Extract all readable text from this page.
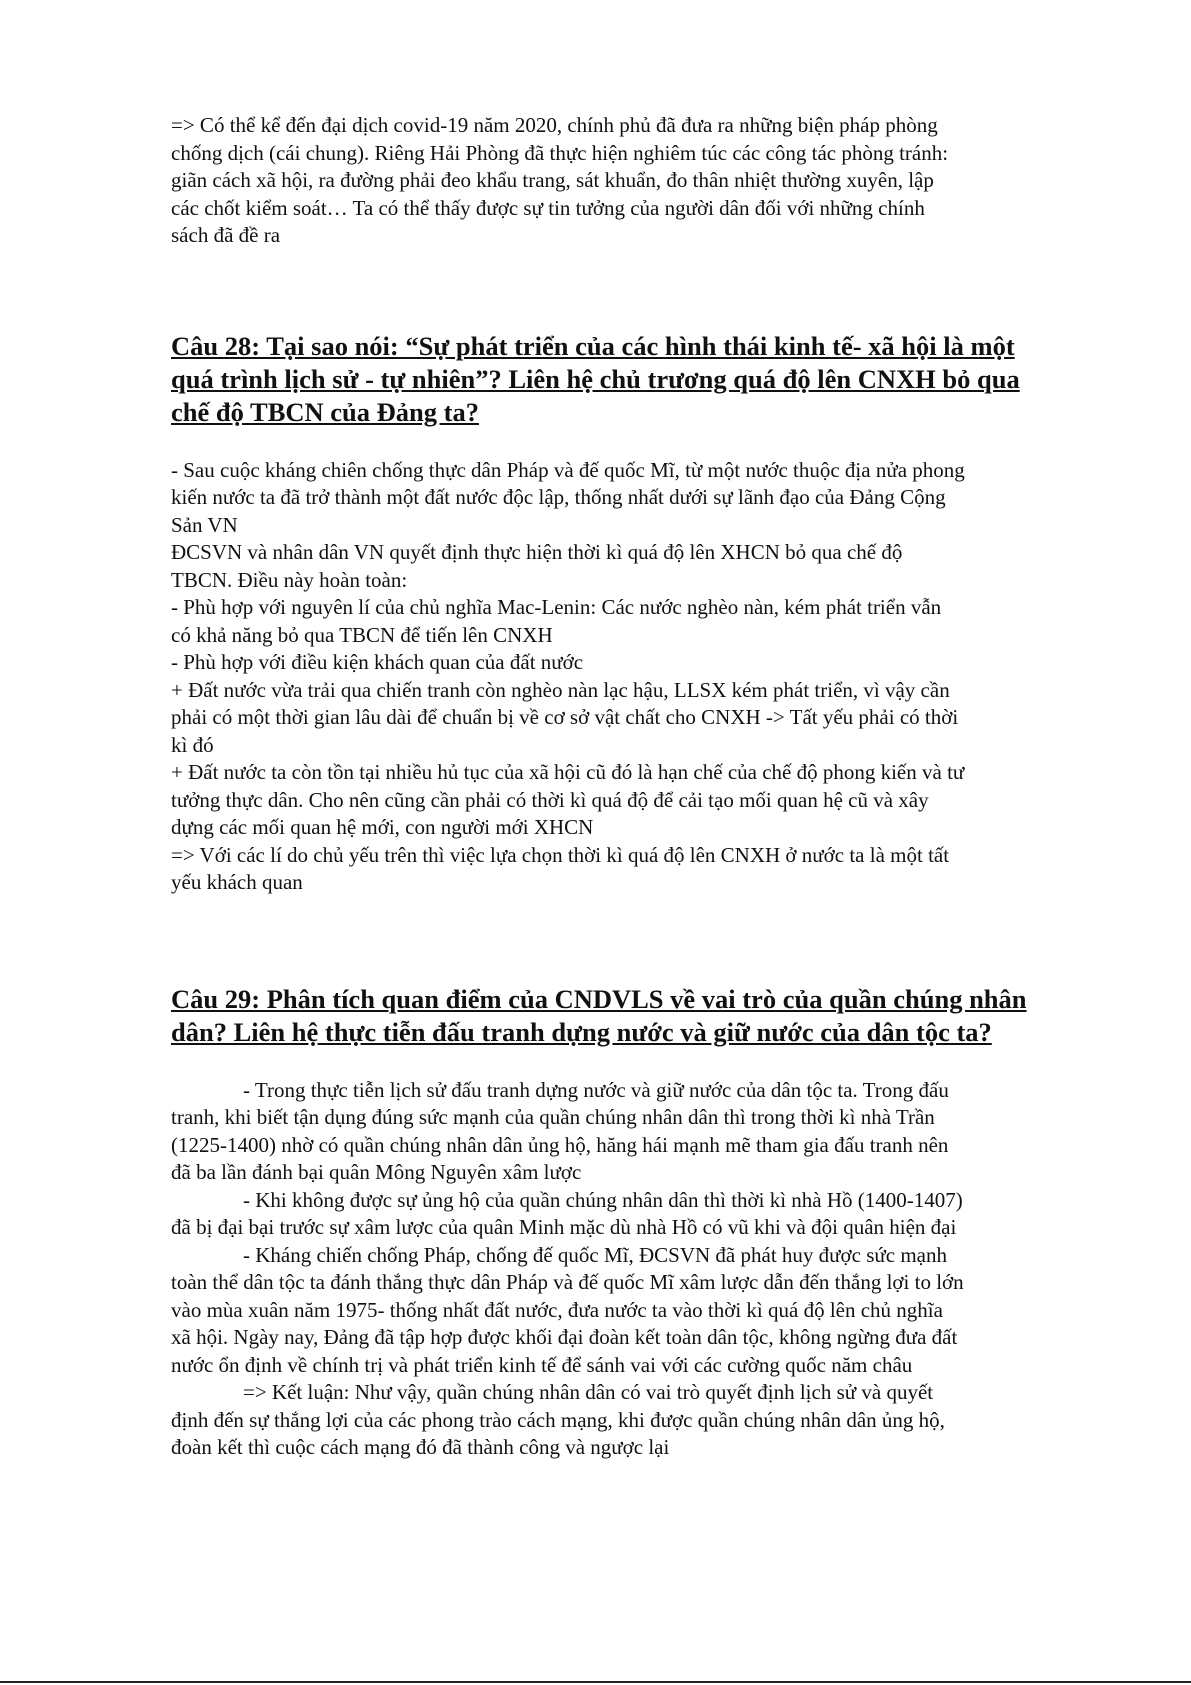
=> Có thể kể đến đại dịch covid-19 năm 2020, chính phủ đã đưa ra những biện pháp phòng
chống dịch (cái chung). Riêng Hải Phòng đã thực hiện nghiêm túc các công tác phòng tránh:
giãn cách xã hội, ra đường phải đeo khẩu trang, sát khuẩn, đo thân nhiệt thường xuyên, lập
các chốt kiểm soát… Ta có thể thấy được sự tin tưởng của người dân đối với những chính
sách đã đề ra

Câu 28: Tại sao nói: “Sự phát triển của các hình thái kinh tế- xã hội là một
quá trình lịch sử - tự nhiên”? Liên hệ chủ trương quá độ lên CNXH bỏ qua
chế độ TBCN của Đảng ta?

- Sau cuộc kháng chiên chống thực dân Pháp và đế quốc Mĩ, từ một nước thuộc địa nửa phong
kiến nước ta đã trở thành một đất nước độc lập, thống nhất dưới sự lãnh đạo của Đảng Cộng
Sản VN
ĐCSVN và nhân dân VN quyết định thực hiện thời kì quá độ lên XHCN bỏ qua chế độ
TBCN. Điều này hoàn toàn:
- Phù hợp với nguyên lí của chủ nghĩa Mac-Lenin: Các nước nghèo nàn, kém phát triển vẫn
có khả năng bỏ qua TBCN để tiến lên CNXH
- Phù hợp với điều kiện khách quan của đất nước
+ Đất nước vừa trải qua chiến tranh còn nghèo nàn lạc hậu, LLSX kém phát triển, vì vậy cần
phải có một thời gian lâu dài để chuẩn bị về cơ sở vật chất cho CNXH -> Tất yếu phải có thời
kì đó
+ Đất nước ta còn tồn tại nhiều hủ tục của xã hội cũ đó là hạn chế của chế độ phong kiến và tư
tưởng thực dân. Cho nên cũng cần phải có thời kì quá độ để cải tạo mối quan hệ cũ và xây
dựng các mối quan hệ mới, con người mới XHCN
=> Với các lí do chủ yếu trên thì việc lựa chọn thời kì quá độ lên CNXH ở nước ta là một tất
yếu khách quan

Câu 29: Phân tích quan điểm của CNDVLS về vai trò của quần chúng nhân
dân? Liên hệ thực tiễn đấu tranh dựng nước và giữ nước của dân tộc ta?

- Trong thực tiễn lịch sử đấu tranh dựng nước và giữ nước của dân tộc ta. Trong đấu
tranh, khi biết tận dụng đúng sức mạnh của quần chúng nhân dân thì trong thời kì nhà Trần
(1225-1400) nhờ có quần chúng nhân dân ủng hộ, hăng hái mạnh mẽ tham gia đấu tranh nên
đã ba lần đánh bại quân Mông Nguyên xâm lược

- Khi không được sự ủng hộ của quần chúng nhân dân thì thời kì nhà Hồ (1400-1407)
đã bị đại bại trước sự xâm lược của quân Minh mặc dù nhà Hồ có vũ khi và đội quân hiện đại

- Kháng chiến chống Pháp, chống đế quốc Mĩ, ĐCSVN đã phát huy được sức mạnh
toàn thể dân tộc ta đánh thắng thực dân Pháp và đế quốc Mĩ xâm lược dẫn đến thắng lợi to lớn
vào mùa xuân năm 1975- thống nhất đất nước, đưa nước ta vào thời kì quá độ lên chủ nghĩa
xã hội. Ngày nay, Đảng đã tập hợp được khối đại đoàn kết toàn dân tộc, không ngừng đưa đất
nước ổn định về chính trị và phát triển kinh tế để sánh vai với các cường quốc năm châu

=> Kết luận: Như vậy, quần chúng nhân dân có vai trò quyết định lịch sử và quyết
định đến sự thắng lợi của các phong trào cách mạng, khi được quần chúng nhân dân ủng hộ,
đoàn kết thì cuộc cách mạng đó đã thành công và ngược lại
